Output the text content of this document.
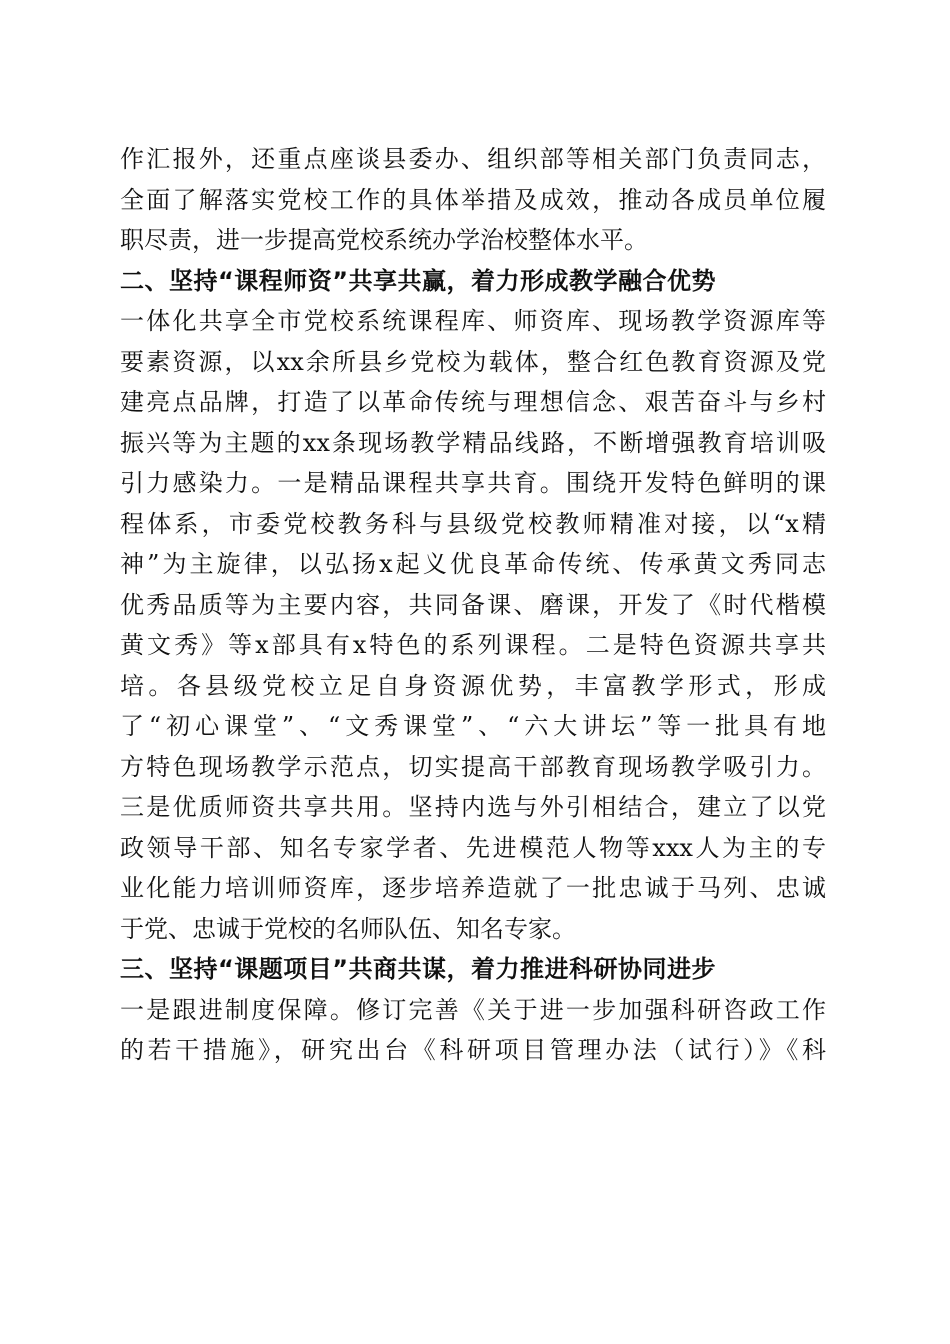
作汇报外，还重点座谈县委办、组织部等相关部门负责同志，
全面了解落实党校工作的具体举措及成效，推动各成员单位履
职尽责，进一步提高党校系统办学治校整体水平。

二、坚持“课程师资”共享共赢，着力形成教学融合优势

一体化共享全市党校系统课程库、师资库、现场教学资源库等
要素资源，以xx余所县乡党校为载体，整合红色教育资源及党
建亮点品牌，打造了以革命传统与理想信念、艰苦奋斗与乡村
振兴等为主题的xx条现场教学精品线路，不断增强教育培训吸
引力感染力。一是精品课程共享共育。围绕开发特色鲜明的课
程体系，市委党校教务科与县级党校教师精准对接，以“x精
神”为主旋律，以弘扬x起义优良革命传统、传承黄文秀同志
优秀品质等为主要内容，共同备课、磨课，开发了《时代楷模
黄文秀》等x部具有x特色的系列课程。二是特色资源共享共
培。各县级党校立足自身资源优势，丰富教学形式，形成
了“初心课堂”、“文秀课堂”、“六大讲坛”等一批具有地
方特色现场教学示范点，切实提高干部教育现场教学吸引力。
三是优质师资共享共用。坚持内选与外引相结合，建立了以党
政领导干部、知名专家学者、先进模范人物等xxx人为主的专
业化能力培训师资库，逐步培养造就了一批忠诚于马列、忠诚
于党、忠诚于党校的名师队伍、知名专家。

三、坚持“课题项目”共商共谋，着力推进科研协同进步

一是跟进制度保障。修订完善《关于进一步加强科研咨政工作
的若干措施》，研究出台《科研项目管理办法（试行）》《科
